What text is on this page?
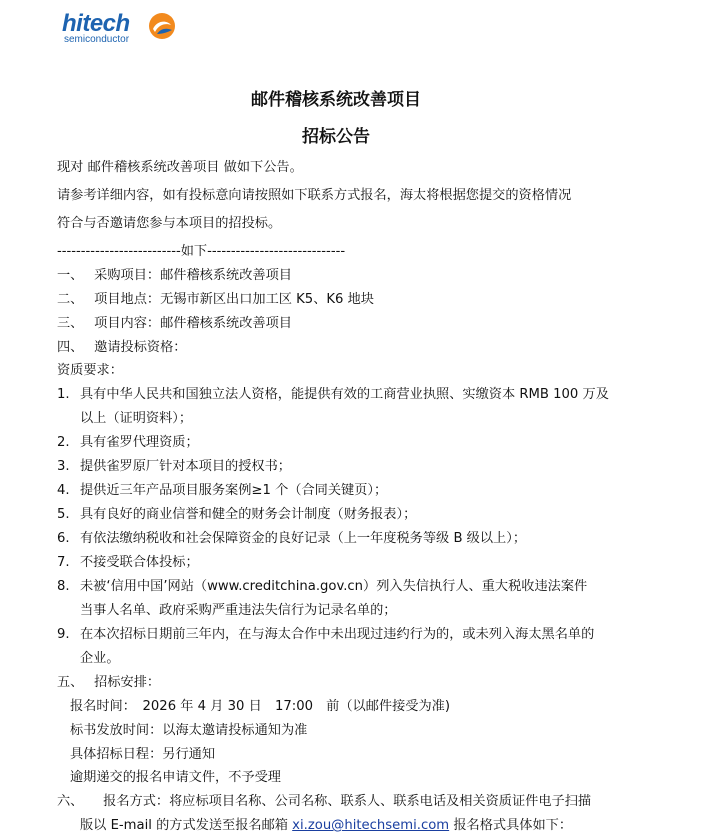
hitech
semiconductor
邮件稽核系统改善项目
招标公告
现对 邮件稽核系统改善项目 做如下公告。
请参考详细内容，如有投标意向请按照如下联系方式报名，海太将根据您提交的资格情况
符合与否邀请您参与本项目的招投标。
--------------------------如下-----------------------------
一、　 采购项目：邮件稽核系统改善项目
二、　 项目地点：无锡市新区出口加工区 K5、K6 地块
三、　 项目内容：邮件稽核系统改善项目
四、　 邀请投标资格：
资质要求：
1. 具有中华人民共和国独立法人资格，能提供有效的工商营业执照、实缴资本 RMB 100 万及
以上（证明资料）；
2. 具有雀罗代理资质；
3. 提供雀罗原厂针对本项目的授权书；
4. 提供近三年产品项目服务案例≥1 个（合同关键页）；
5. 具有良好的商业信誉和健全的财务会计制度（财务报表）；
6. 有依法缴纳税收和社会保障资金的良好记录（上一年度税务等级 B 级以上）；
7. 不接受联合体投标；
8. 未被‘信用中国’网站（www.creditchina.gov.cn）列入失信执行人、重大税收违法案件
当事人名单、政府采购严重违法失信行为记录名单的；
9. 在本次招标日期前三年内，在与海太合作中未出现过违约行为的，或未列入海太黑名单的
企业。
五、　 招标安排：
报名时间：　2026 年 4 月 30 日　17:00　前（以邮件接受为准)
标书发放时间：以海太邀请投标通知为准
具体招标日程：另行通知
逾期递交的报名申请文件，不予受理
六、　　报名方式：将应标项目名称、公司名称、联系人、联系电话及相关资质证件电子扫描
版以 E-mail 的方式发送至报名邮箱 xi.zou@hitechsemi.com 报名格式具体如下：
